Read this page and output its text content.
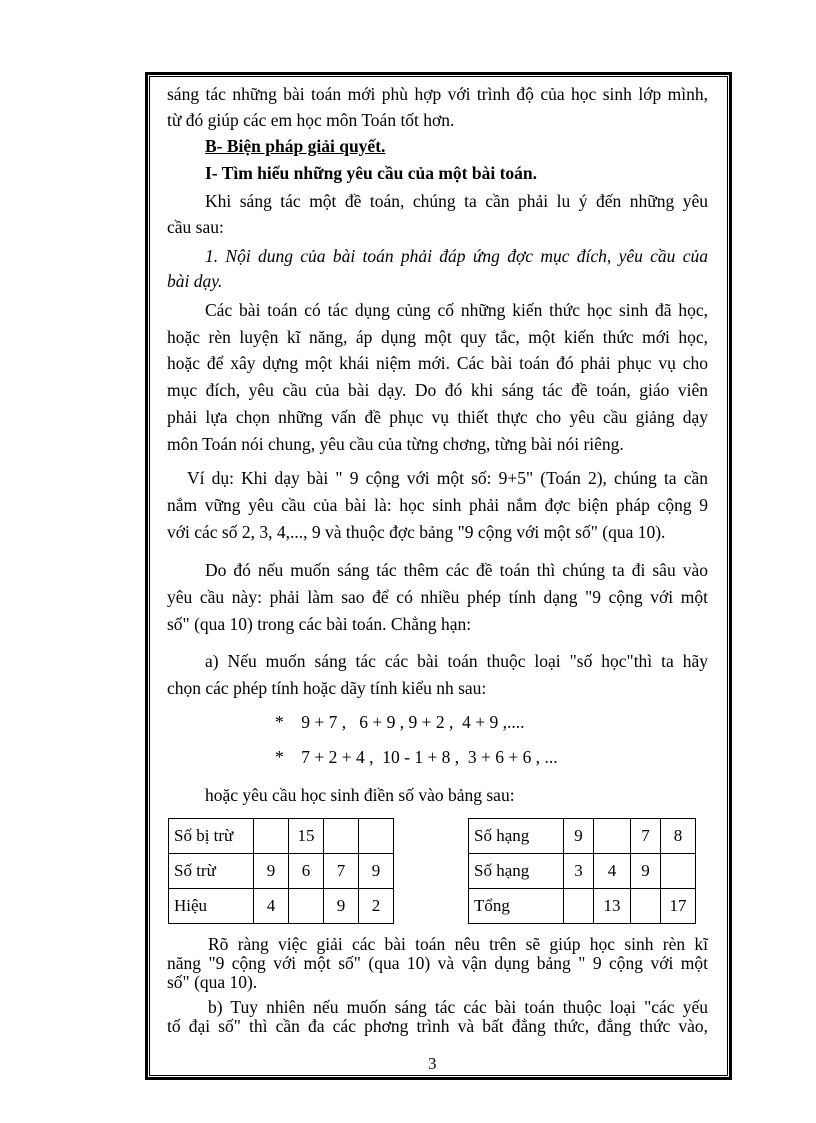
sáng tác những bài toán mới phù hợp với trình độ của học sinh lớp mình,
từ đó giúp các em học môn Toán tốt hơn.
B- Biện pháp giải quyết.
I- Tìm hiểu những yêu cầu của một bài toán.
Khi sáng tác một đề toán, chúng ta cần phải lu ý đến những yêu
cầu sau:
1. Nội dung của bài toán phải đáp ứng đợc mục đích, yêu cầu của
bài dạy.
Các bài toán có tác dụng củng cố những kiến thức học sinh đã học,
hoặc rèn luyện kĩ năng, áp dụng một quy tắc, một kiến thức mới học,
hoặc để xây dựng một khái niệm mới. Các bài toán đó phải phục vụ cho
mục đích, yêu cầu của bài dạy. Do đó khi sáng tác đề toán, giáo viên
phải lựa chọn những vấn đề phục vụ thiết thực cho yêu cầu giảng dạy
môn Toán nói chung, yêu cầu của từng chơng, từng bài nói riêng.
Ví dụ: Khi dạy bài " 9 cộng với một số: 9+5" (Toán 2), chúng ta cần
nắm vững yêu cầu của bài là: học sinh phải nắm đợc biện pháp cộng 9
với các số 2, 3, 4,..., 9 và thuộc đợc bảng "9 cộng với một số" (qua 10).
Do đó nếu muốn sáng tác thêm các đề toán thì chúng ta đi sâu vào
yêu cầu này: phải làm sao để có nhiều phép tính dạng "9 cộng với một
số" (qua 10) trong các bài toán. Chẳng hạn:
a) Nếu muốn sáng tác các bài toán thuộc loại "số học"thì ta hãy
chọn các phép tính hoặc dãy tính kiểu nh sau:
*    9 + 7 ,   6 + 9 , 9 + 2 ,  4 + 9 ,....
*    7 + 2 + 4 ,  10 - 1 + 8 ,  3 + 6 + 6 , ...
hoặc yêu cầu học sinh điền số vào bảng sau:
Số bị trừ		15		
Số trừ	9	6	7	9
Hiệu	4		9	2
Số hạng	9		7	8
Số hạng	3	4	9	
Tổng		13		17
Rõ ràng việc giải các bài toán nêu trên sẽ giúp học sinh rèn kĩ
năng "9 cộng với một số" (qua 10) và vận dụng bảng " 9 cộng với một
số" (qua 10).
b) Tuy nhiên nếu muốn sáng tác các bài toán thuộc loại "các yếu
tố đại số" thì cần đa các phơng trình và bất đẳng thức, đẳng thức vào,
3
